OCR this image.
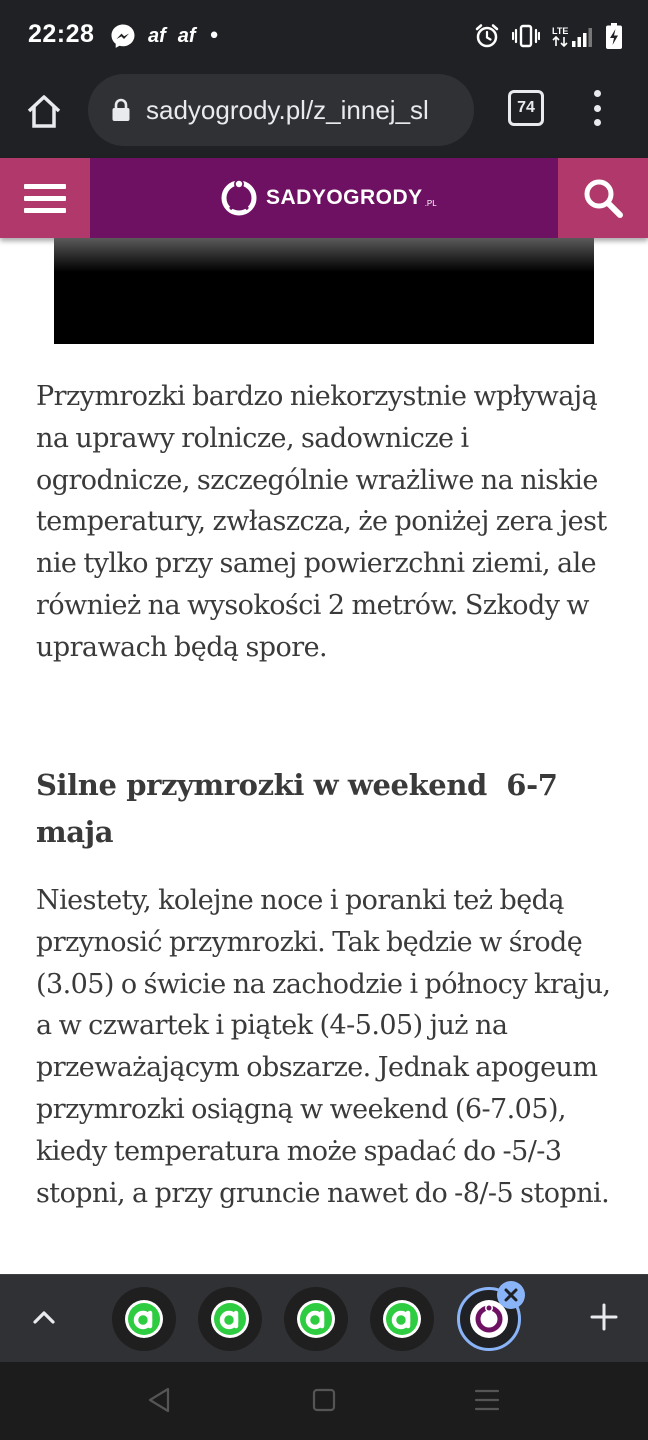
22:28	af af •	LTE
sadyogrody.pl/z_innej_sl	74
SADYOGRODY .PL

Przymrozki bardzo niekorzystnie wpływają na uprawy rolnicze, sadownicze i ogrodnicze, szczególnie wrażliwe na niskie temperatury, zwłaszcza, że poniżej zera jest nie tylko przy samej powierzchni ziemi, ale również na wysokości 2 metrów. Szkody w uprawach będą spore.

Silne przymrozki w weekend  6-7 maja

Niestety, kolejne noce i poranki też będą przynosić przymrozki. Tak będzie w środę (3.05) o świcie na zachodzie i północy kraju, a w czwartek i piątek (4-5.05) już na przeważającym obszarze. Jednak apogeum przymrozki osiągną w weekend (6-7.05), kiedy temperatura może spadać do -5/-3 stopni, a przy gruncie nawet do -8/-5 stopni.
